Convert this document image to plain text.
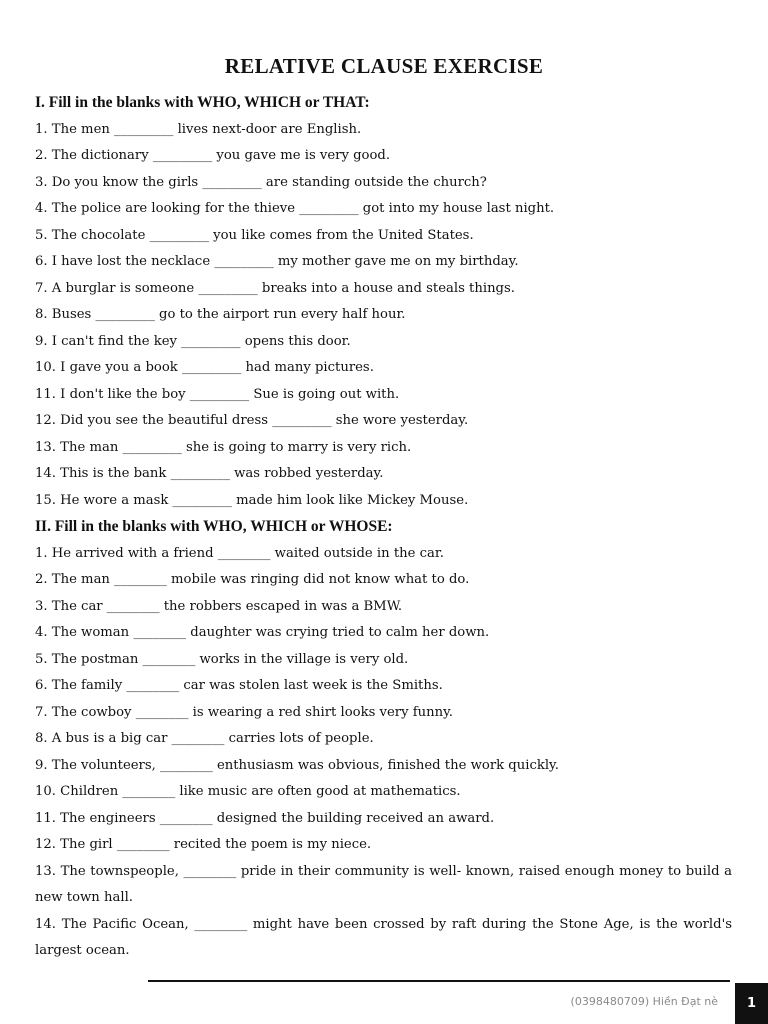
RELATIVE CLAUSE EXERCISE

I. Fill in the blanks with WHO, WHICH or THAT:

1. The men _________ lives next-door are English.

2. The dictionary _________ you gave me is very good.

3. Do you know the girls _________ are standing outside the church?

4. The police are looking for the thieve _________ got into my house last night.

5. The chocolate _________ you like comes from the United States.

6. I have lost the necklace _________ my mother gave me on my birthday.

7. A burglar is someone _________ breaks into a house and steals things.

8. Buses _________ go to the airport run every half hour.

9. I can't find the key _________ opens this door.

10. I gave you a book _________ had many pictures.

11. I don't like the boy _________ Sue is going out with.

12. Did you see the beautiful dress _________ she wore yesterday.

13. The man _________ she is going to marry is very rich.

14. This is the bank _________ was robbed yesterday.

15. He wore a mask _________ made him look like Mickey Mouse.

II. Fill in the blanks with WHO, WHICH or WHOSE:

1. He arrived with a friend ________ waited outside in the car.

2. The man ________ mobile was ringing did not know what to do.

3. The car ________ the robbers escaped in was a BMW.

4. The woman ________ daughter was crying tried to calm her down.

5. The postman ________ works in the village is very old.

6. The family ________ car was stolen last week is the Smiths.

7. The cowboy ________ is wearing a red shirt looks very funny.

8. A bus is a big car ________ carries lots of people.

9. The volunteers, ________ enthusiasm was obvious, finished the work quickly.

10. Children ________ like music are often good at mathematics.

11. The engineers ________ designed the building received an award.

12. The girl ________ recited the poem is my niece.

13. The townspeople, ________ pride in their community is well- known, raised enough money to build a new town hall.

14. The Pacific Ocean, ________ might have been crossed by raft during the Stone Age, is the world's largest ocean.

(0398480709) Hiền Đạt nè	1
